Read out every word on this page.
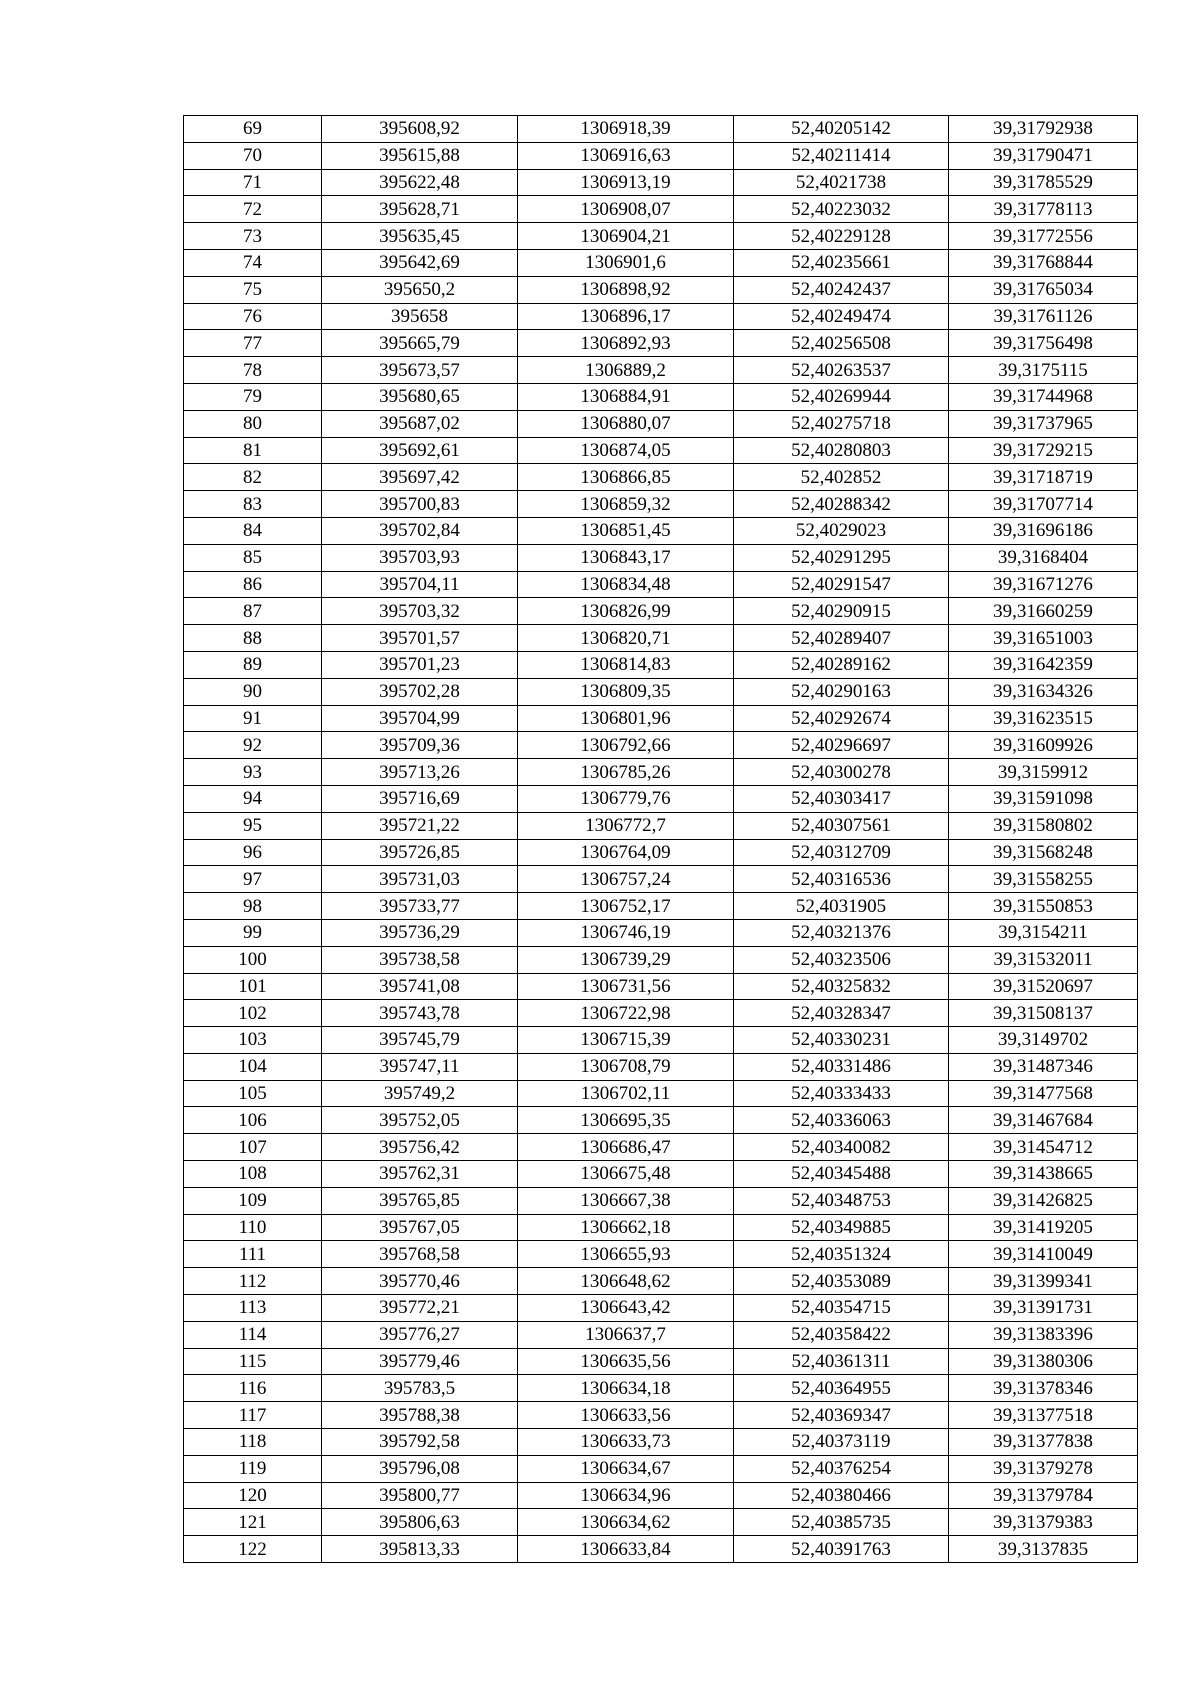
69	395608,92	1306918,39	52,40205142	39,31792938
70	395615,88	1306916,63	52,40211414	39,31790471
71	395622,48	1306913,19	52,4021738	39,31785529
72	395628,71	1306908,07	52,40223032	39,31778113
73	395635,45	1306904,21	52,40229128	39,31772556
74	395642,69	1306901,6	52,40235661	39,31768844
75	395650,2	1306898,92	52,40242437	39,31765034
76	395658	1306896,17	52,40249474	39,31761126
77	395665,79	1306892,93	52,40256508	39,31756498
78	395673,57	1306889,2	52,40263537	39,3175115
79	395680,65	1306884,91	52,40269944	39,31744968
80	395687,02	1306880,07	52,40275718	39,31737965
81	395692,61	1306874,05	52,40280803	39,31729215
82	395697,42	1306866,85	52,402852	39,31718719
83	395700,83	1306859,32	52,40288342	39,31707714
84	395702,84	1306851,45	52,4029023	39,31696186
85	395703,93	1306843,17	52,40291295	39,3168404
86	395704,11	1306834,48	52,40291547	39,31671276
87	395703,32	1306826,99	52,40290915	39,31660259
88	395701,57	1306820,71	52,40289407	39,31651003
89	395701,23	1306814,83	52,40289162	39,31642359
90	395702,28	1306809,35	52,40290163	39,31634326
91	395704,99	1306801,96	52,40292674	39,31623515
92	395709,36	1306792,66	52,40296697	39,31609926
93	395713,26	1306785,26	52,40300278	39,3159912
94	395716,69	1306779,76	52,40303417	39,31591098
95	395721,22	1306772,7	52,40307561	39,31580802
96	395726,85	1306764,09	52,40312709	39,31568248
97	395731,03	1306757,24	52,40316536	39,31558255
98	395733,77	1306752,17	52,4031905	39,31550853
99	395736,29	1306746,19	52,40321376	39,3154211
100	395738,58	1306739,29	52,40323506	39,31532011
101	395741,08	1306731,56	52,40325832	39,31520697
102	395743,78	1306722,98	52,40328347	39,31508137
103	395745,79	1306715,39	52,40330231	39,3149702
104	395747,11	1306708,79	52,40331486	39,31487346
105	395749,2	1306702,11	52,40333433	39,31477568
106	395752,05	1306695,35	52,40336063	39,31467684
107	395756,42	1306686,47	52,40340082	39,31454712
108	395762,31	1306675,48	52,40345488	39,31438665
109	395765,85	1306667,38	52,40348753	39,31426825
110	395767,05	1306662,18	52,40349885	39,31419205
111	395768,58	1306655,93	52,40351324	39,31410049
112	395770,46	1306648,62	52,40353089	39,31399341
113	395772,21	1306643,42	52,40354715	39,31391731
114	395776,27	1306637,7	52,40358422	39,31383396
115	395779,46	1306635,56	52,40361311	39,31380306
116	395783,5	1306634,18	52,40364955	39,31378346
117	395788,38	1306633,56	52,40369347	39,31377518
118	395792,58	1306633,73	52,40373119	39,31377838
119	395796,08	1306634,67	52,40376254	39,31379278
120	395800,77	1306634,96	52,40380466	39,31379784
121	395806,63	1306634,62	52,40385735	39,31379383
122	395813,33	1306633,84	52,40391763	39,3137835
